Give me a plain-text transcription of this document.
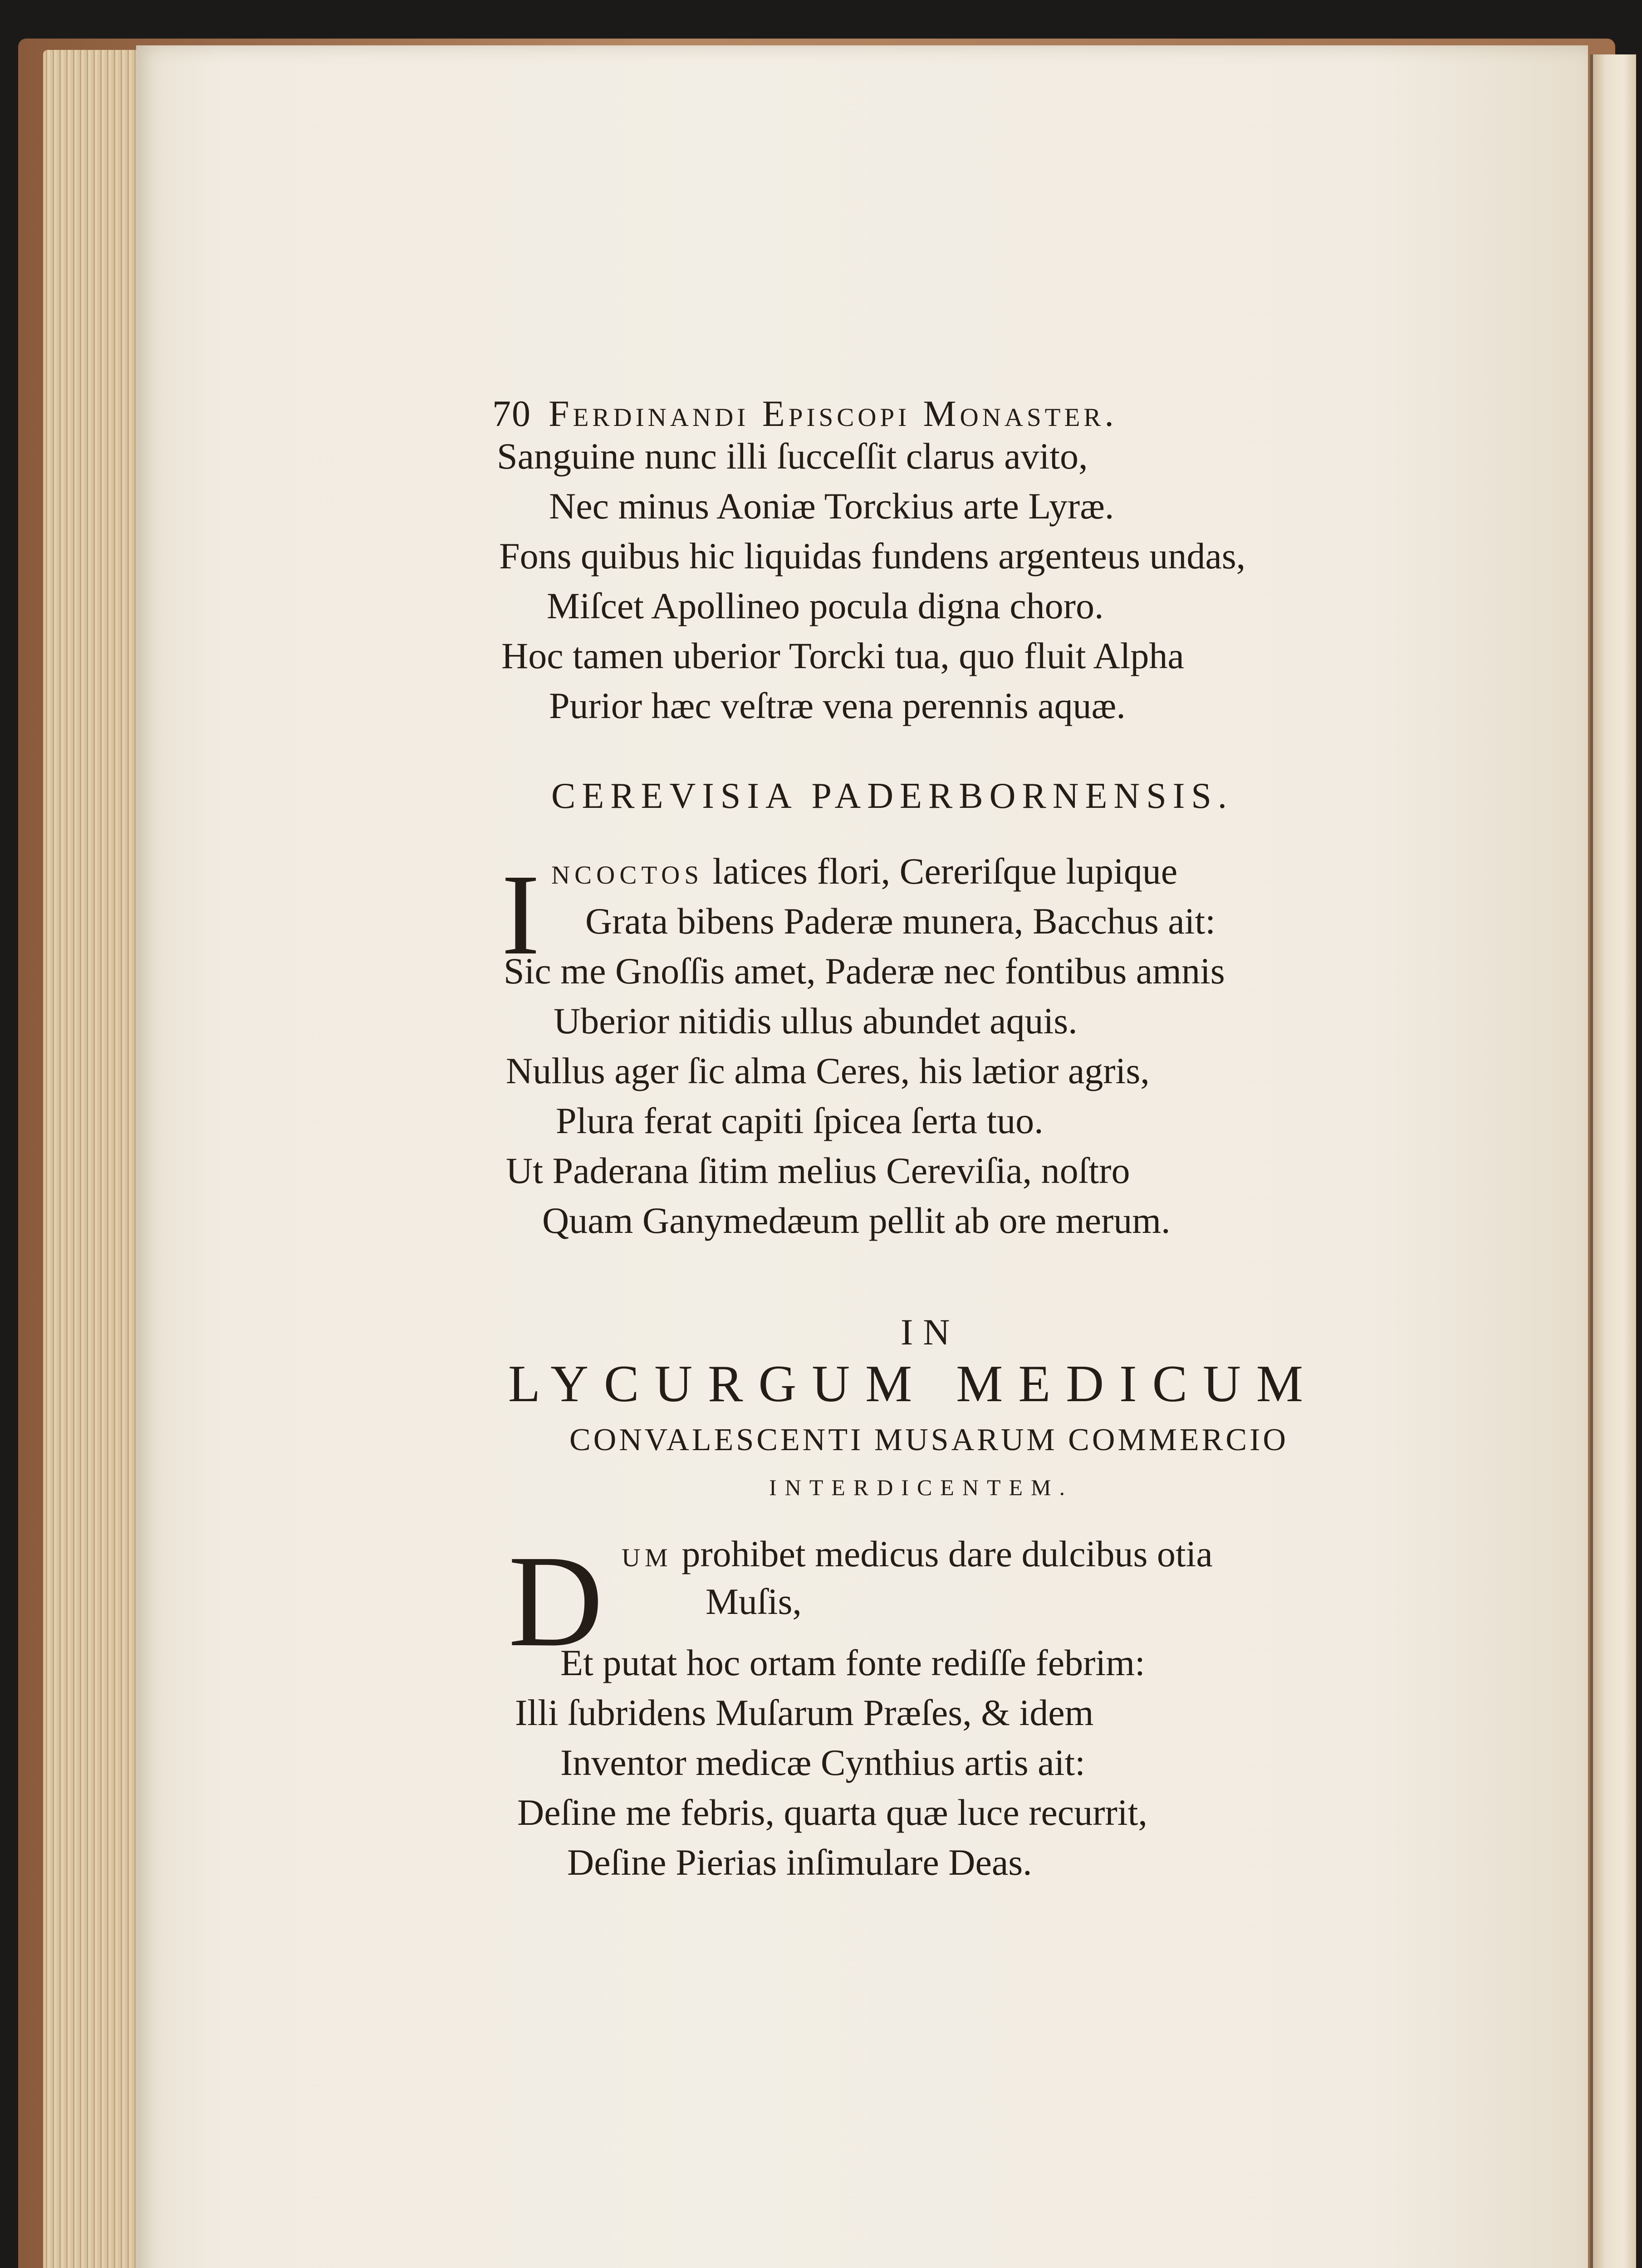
70 Ferdinandi Episcopi Monaster.
Sanguine nunc illi ſucceſſit clarus avito,
Nec minus Aoniæ Torckius arte Lyræ.
Fons quibus hic liquidas fundens argenteus undas,
Miſcet Apollineo pocula digna choro.
Hoc tamen uberior Torcki tua, quo fluit Alpha
Purior hæc veſtræ vena perennis aquæ.
CEREVISIA PADERBORNENSIS.
I ncoctos latices flori, Cereriſque lupique
Grata bibens Paderæ munera, Bacchus ait:
Sic me Gnoſſis amet, Paderæ nec fontibus amnis
Uberior nitidis ullus abundet aquis.
Nullus ager ſic alma Ceres, his lætior agris,
Plura ferat capiti ſpicea ſerta tuo.
Ut Paderana ſitim melius Cereviſia, noſtro
Quam Ganymedæum pellit ab ore merum.
IN
LYCURGUM MEDICUM
CONVALESCENTI MUSARUM COMMERCIO
INTERDICENTEM.
D um prohibet medicus dare dulcibus otia
Muſis,
Et putat hoc ortam fonte rediſſe febrim:
Illi ſubridens Muſarum Præſes, & idem
Inventor medicæ Cynthius artis ait:
Deſine me febris, quarta quæ luce recurrit,
Deſine Pierias inſimulare Deas.
